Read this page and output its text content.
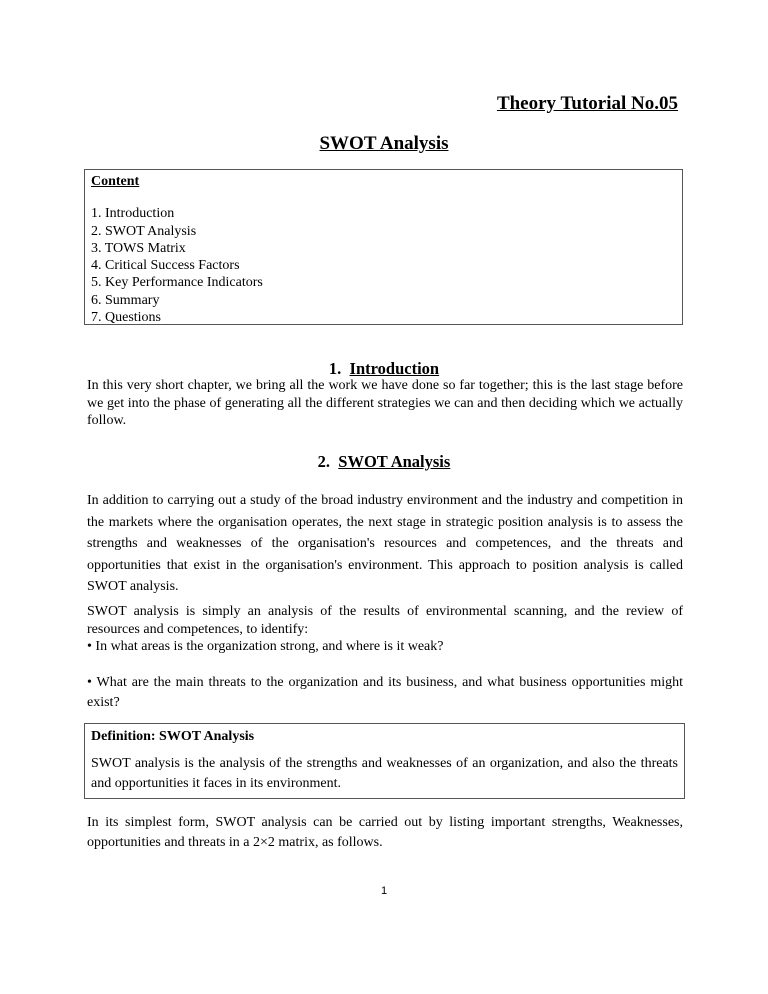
Theory Tutorial No.05
SWOT Analysis
Content
1. Introduction
2. SWOT Analysis
3. TOWS Matrix
4. Critical Success Factors
5. Key Performance Indicators
6. Summary
7. Questions
1. Introduction

In this very short chapter, we bring all the work we have done so far together; this is the last stage before we get into the phase of generating all the different strategies we can and then deciding which we actually follow.

2. SWOT Analysis

In addition to carrying out a study of the broad industry environment and the industry and competition in the markets where the organisation operates, the next stage in strategic position analysis is to assess the strengths and weaknesses of the organisation's resources and competences, and the threats and opportunities that exist in the organisation's environment. This approach to position analysis is called SWOT analysis.

SWOT analysis is simply an analysis of the results of environmental scanning, and the review of resources and competences, to identify:

• In what areas is the organization strong, and where is it weak?

• What are the main threats to the organization and its business, and what business opportunities might exist?

Definition: SWOT Analysis
SWOT analysis is the analysis of the strengths and weaknesses of an organization, and also the threats and opportunities it faces in its environment.

In its simplest form, SWOT analysis can be carried out by listing important strengths, Weaknesses, opportunities and threats in a 2×2 matrix, as follows.

1
